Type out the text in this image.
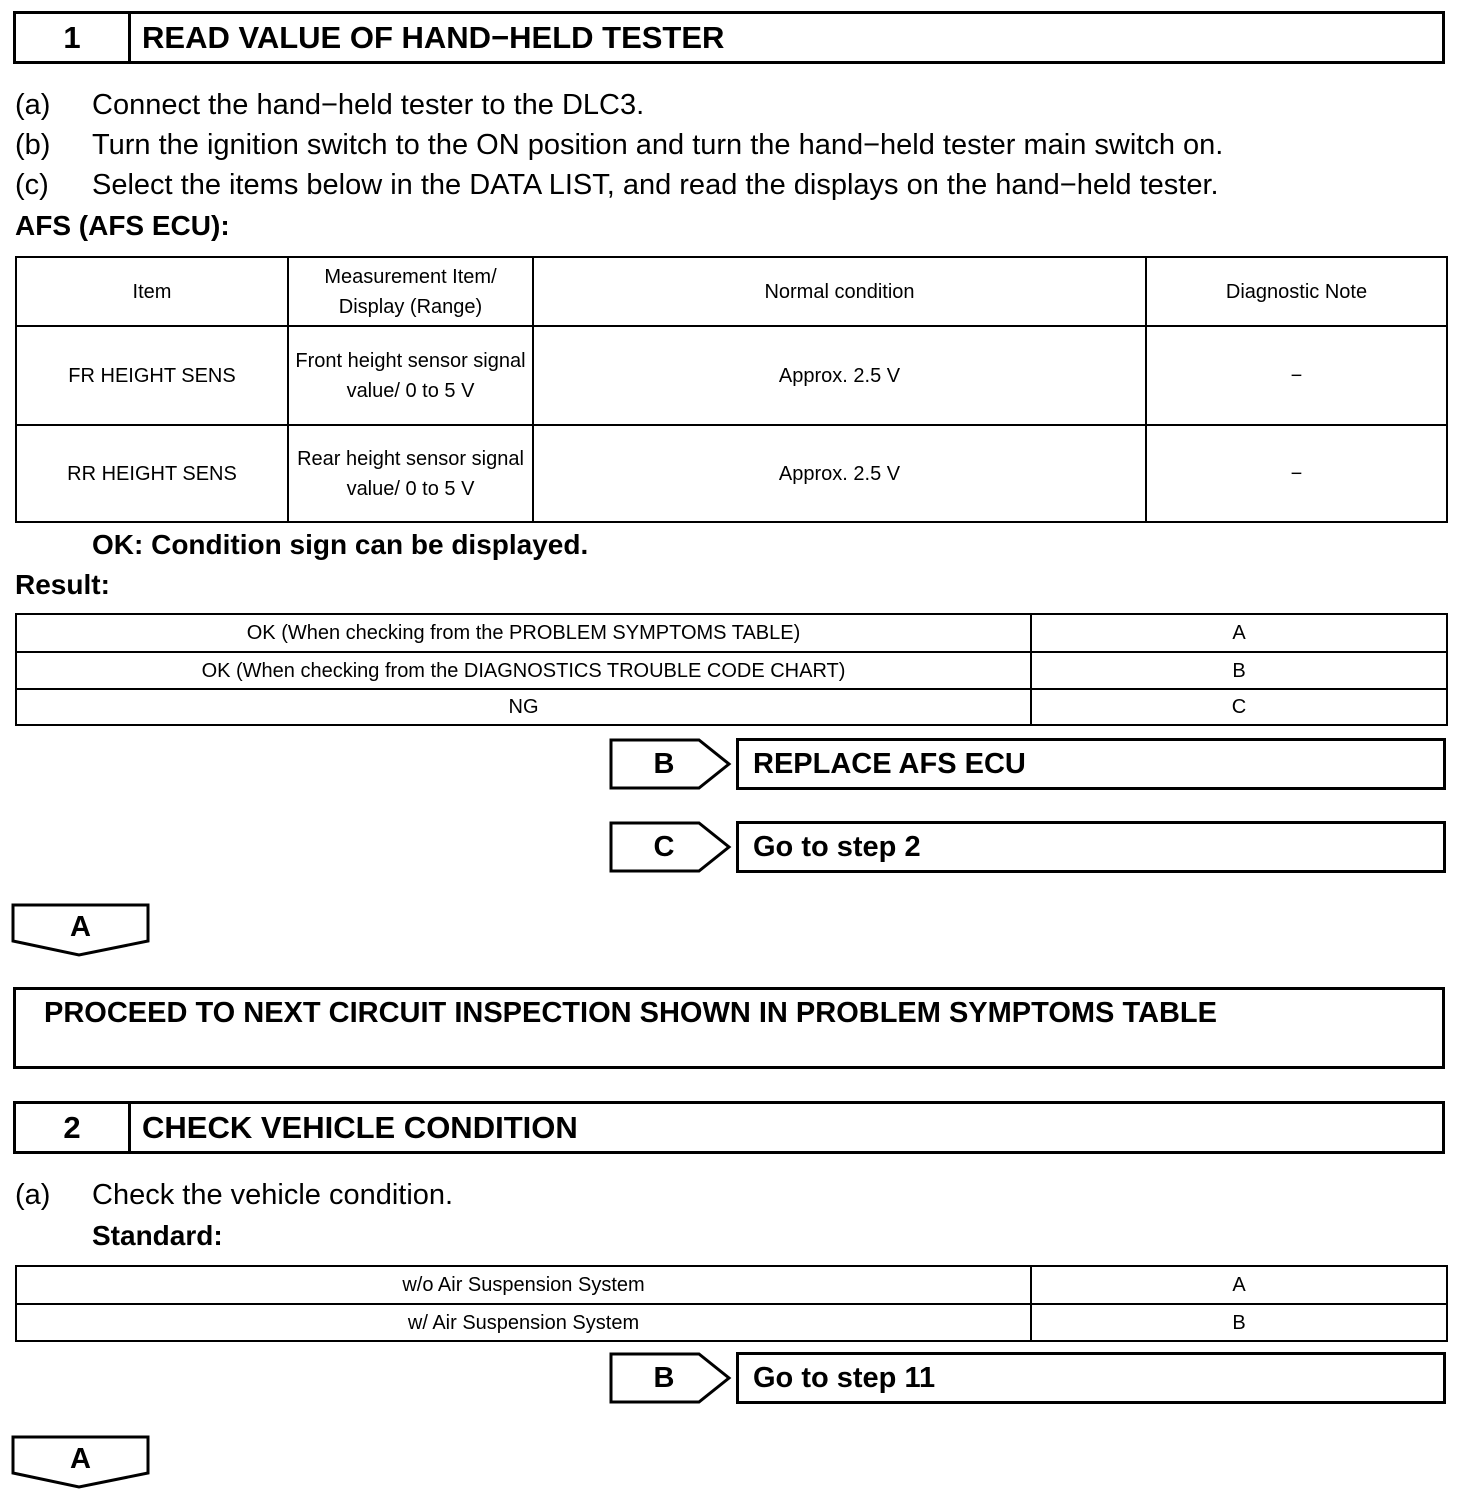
1	READ VALUE OF HAND−HELD TESTER
(a) Connect the hand−held tester to the DLC3.
(b) Turn the ignition switch to the ON position and turn the hand−held tester main switch on.
(c) Select the items below in the DATA LIST, and read the displays on the hand−held tester.
AFS (AFS ECU):
Item	Measurement Item/ Display (Range)	Normal condition	Diagnostic Note
FR HEIGHT SENS	Front height sensor signal value/ 0 to 5 V	Approx. 2.5 V	−
RR HEIGHT SENS	Rear height sensor signal value/ 0 to 5 V	Approx. 2.5 V	−
OK: Condition sign can be displayed.
Result:
OK (When checking from the PROBLEM SYMPTOMS TABLE)	A
OK (When checking from the DIAGNOSTICS TROUBLE CODE CHART)	B
NG	C
B	REPLACE AFS ECU
C	Go to step 2
A
PROCEED TO NEXT CIRCUIT INSPECTION SHOWN IN PROBLEM SYMPTOMS TABLE
2	CHECK VEHICLE CONDITION
(a) Check the vehicle condition.
Standard:
w/o Air Suspension System	A
w/ Air Suspension System	B
B	Go to step 11
A
